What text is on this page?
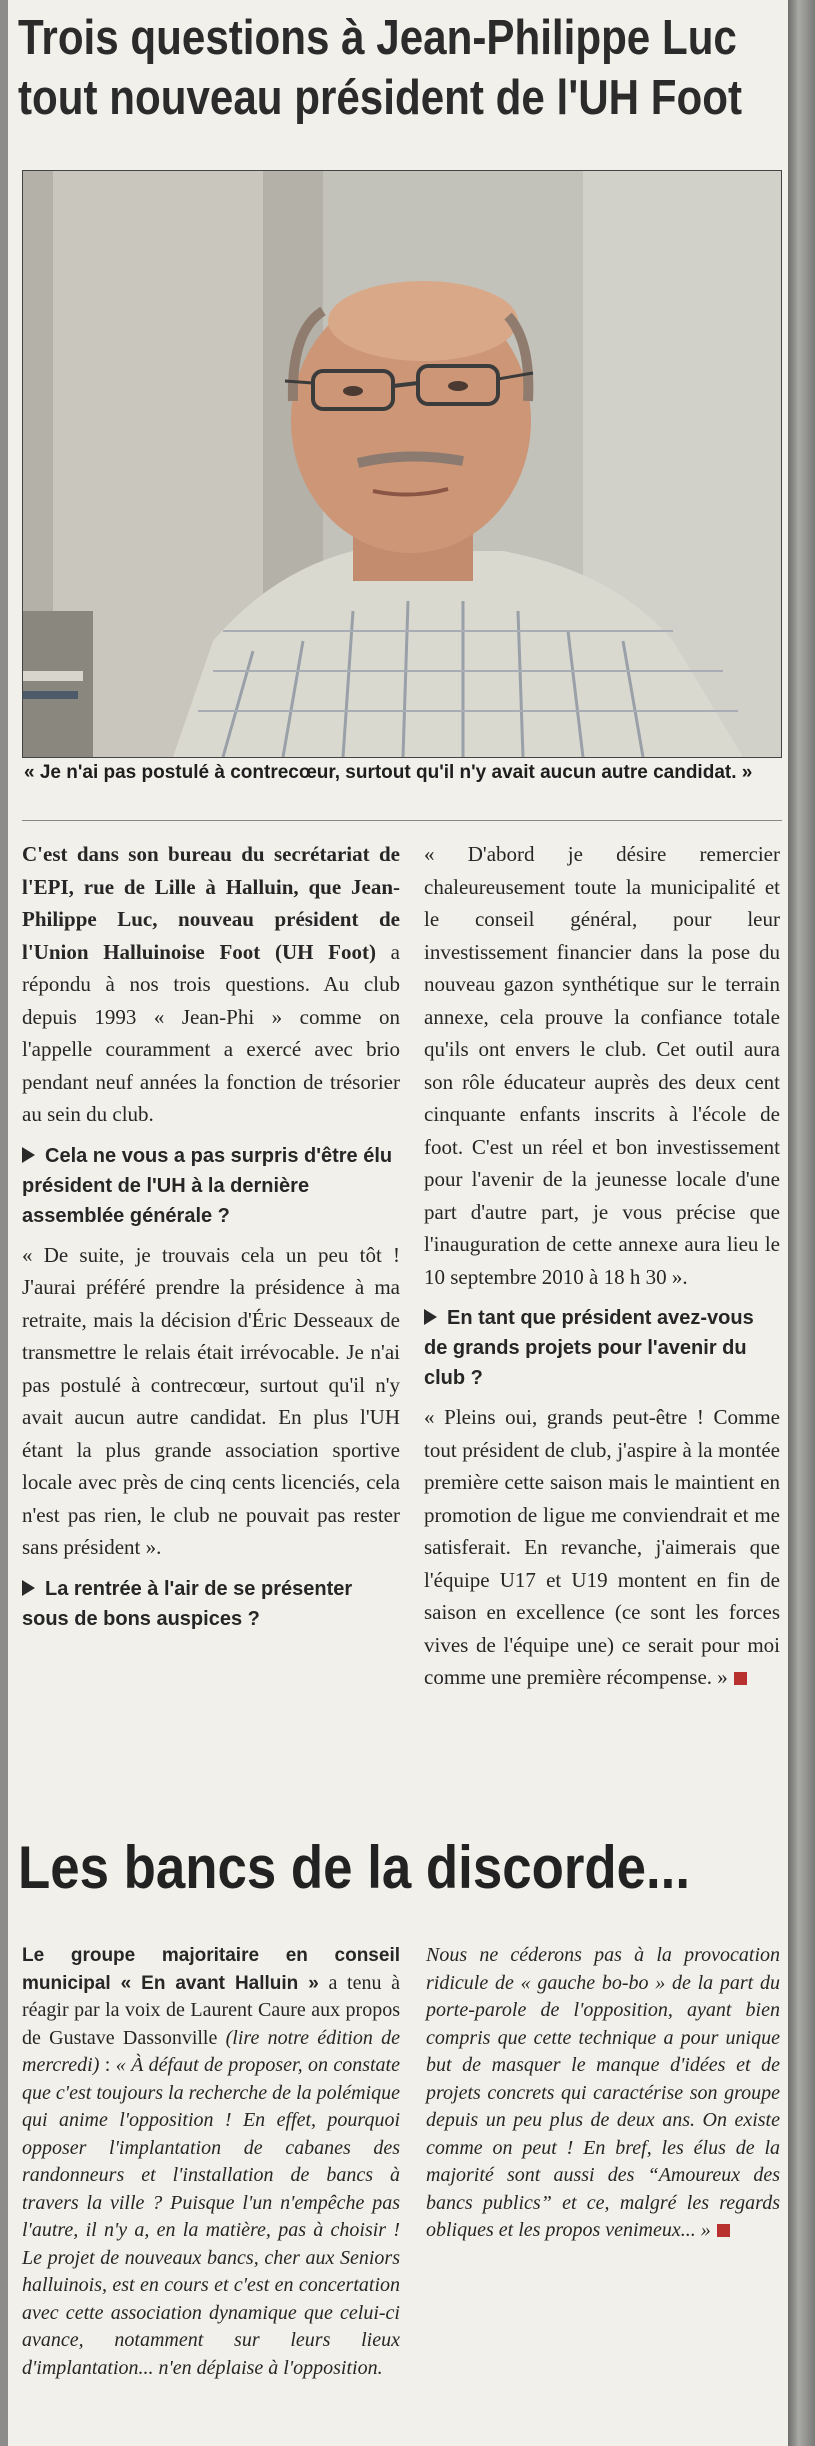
Trois questions à Jean-Philippe Luc
tout nouveau président de l'UH Foot

« Je n'ai pas postulé à contrecœur, surtout qu'il n'y avait aucun autre candidat. »

C'est dans son bureau du secrétariat de l'EPI, rue de Lille à Halluin, que Jean-Philippe Luc, nouveau président de l'Union Halluinoise Foot (UH Foot) a répondu à nos trois questions. Au club depuis 1993 « Jean-Phi » comme on l'appelle couramment a exercé avec brio pendant neuf années la fonction de trésorier au sein du club.

Cela ne vous a pas surpris d'être élu président de l'UH à la dernière assemblée générale ?

« De suite, je trouvais cela un peu tôt ! J'aurai préféré prendre la présidence à ma retraite, mais la décision d'Éric Desseaux de transmettre le relais était irrévocable. Je n'ai pas postulé à contrecœur, surtout qu'il n'y avait aucun autre candidat. En plus l'UH étant la plus grande association sportive locale avec près de cinq cents licenciés, cela n'est pas rien, le club ne pouvait pas rester sans président ».

La rentrée à l'air de se présenter sous de bons auspices ?

« D'abord je désire remercier chaleureusement toute la municipalité et le conseil général, pour leur investissement financier dans la pose du nouveau gazon synthétique sur le terrain annexe, cela prouve la confiance totale qu'ils ont envers le club. Cet outil aura son rôle éducateur auprès des deux cent cinquante enfants inscrits à l'école de foot. C'est un réel et bon investissement pour l'avenir de la jeunesse locale d'une part d'autre part, je vous précise que l'inauguration de cette annexe aura lieu le 10 septembre 2010 à 18 h 30 ».

En tant que président avez-vous de grands projets pour l'avenir du club ?

« Pleins oui, grands peut-être ! Comme tout président de club, j'aspire à la montée première cette saison mais le maintient en promotion de ligue me conviendrait et me satisferait. En revanche, j'aimerais que l'équipe U17 et U19 montent en fin de saison en excellence (ce sont les forces vives de l'équipe une) ce serait pour moi comme une première récompense. »

Les bancs de la discorde...

Le groupe majoritaire en conseil municipal « En avant Halluin » a tenu à réagir par la voix de Laurent Caure aux propos de Gustave Dassonville (lire notre édition de mercredi) : « À défaut de proposer, on constate que c'est toujours la recherche de la polémique qui anime l'opposition ! En effet, pourquoi opposer l'implantation de cabanes des randonneurs et l'installation de bancs à travers la ville ? Puisque l'un n'empêche pas l'autre, il n'y a, en la matière, pas à choisir ! Le projet de nouveaux bancs, cher aux Seniors halluinois, est en cours et c'est en concertation avec cette association dynamique que celui-ci avance, notamment sur leurs lieux d'implantation... n'en déplaise à l'opposition.

Nous ne céderons pas à la provocation ridicule de « gauche bo-bo » de la part du porte-parole de l'opposition, ayant bien compris que cette technique a pour unique but de masquer le manque d'idées et de projets concrets qui caractérise son groupe depuis un peu plus de deux ans. On existe comme on peut ! En bref, les élus de la majorité sont aussi des “Amoureux des bancs publics” et ce, malgré les regards obliques et les propos venimeux... »
